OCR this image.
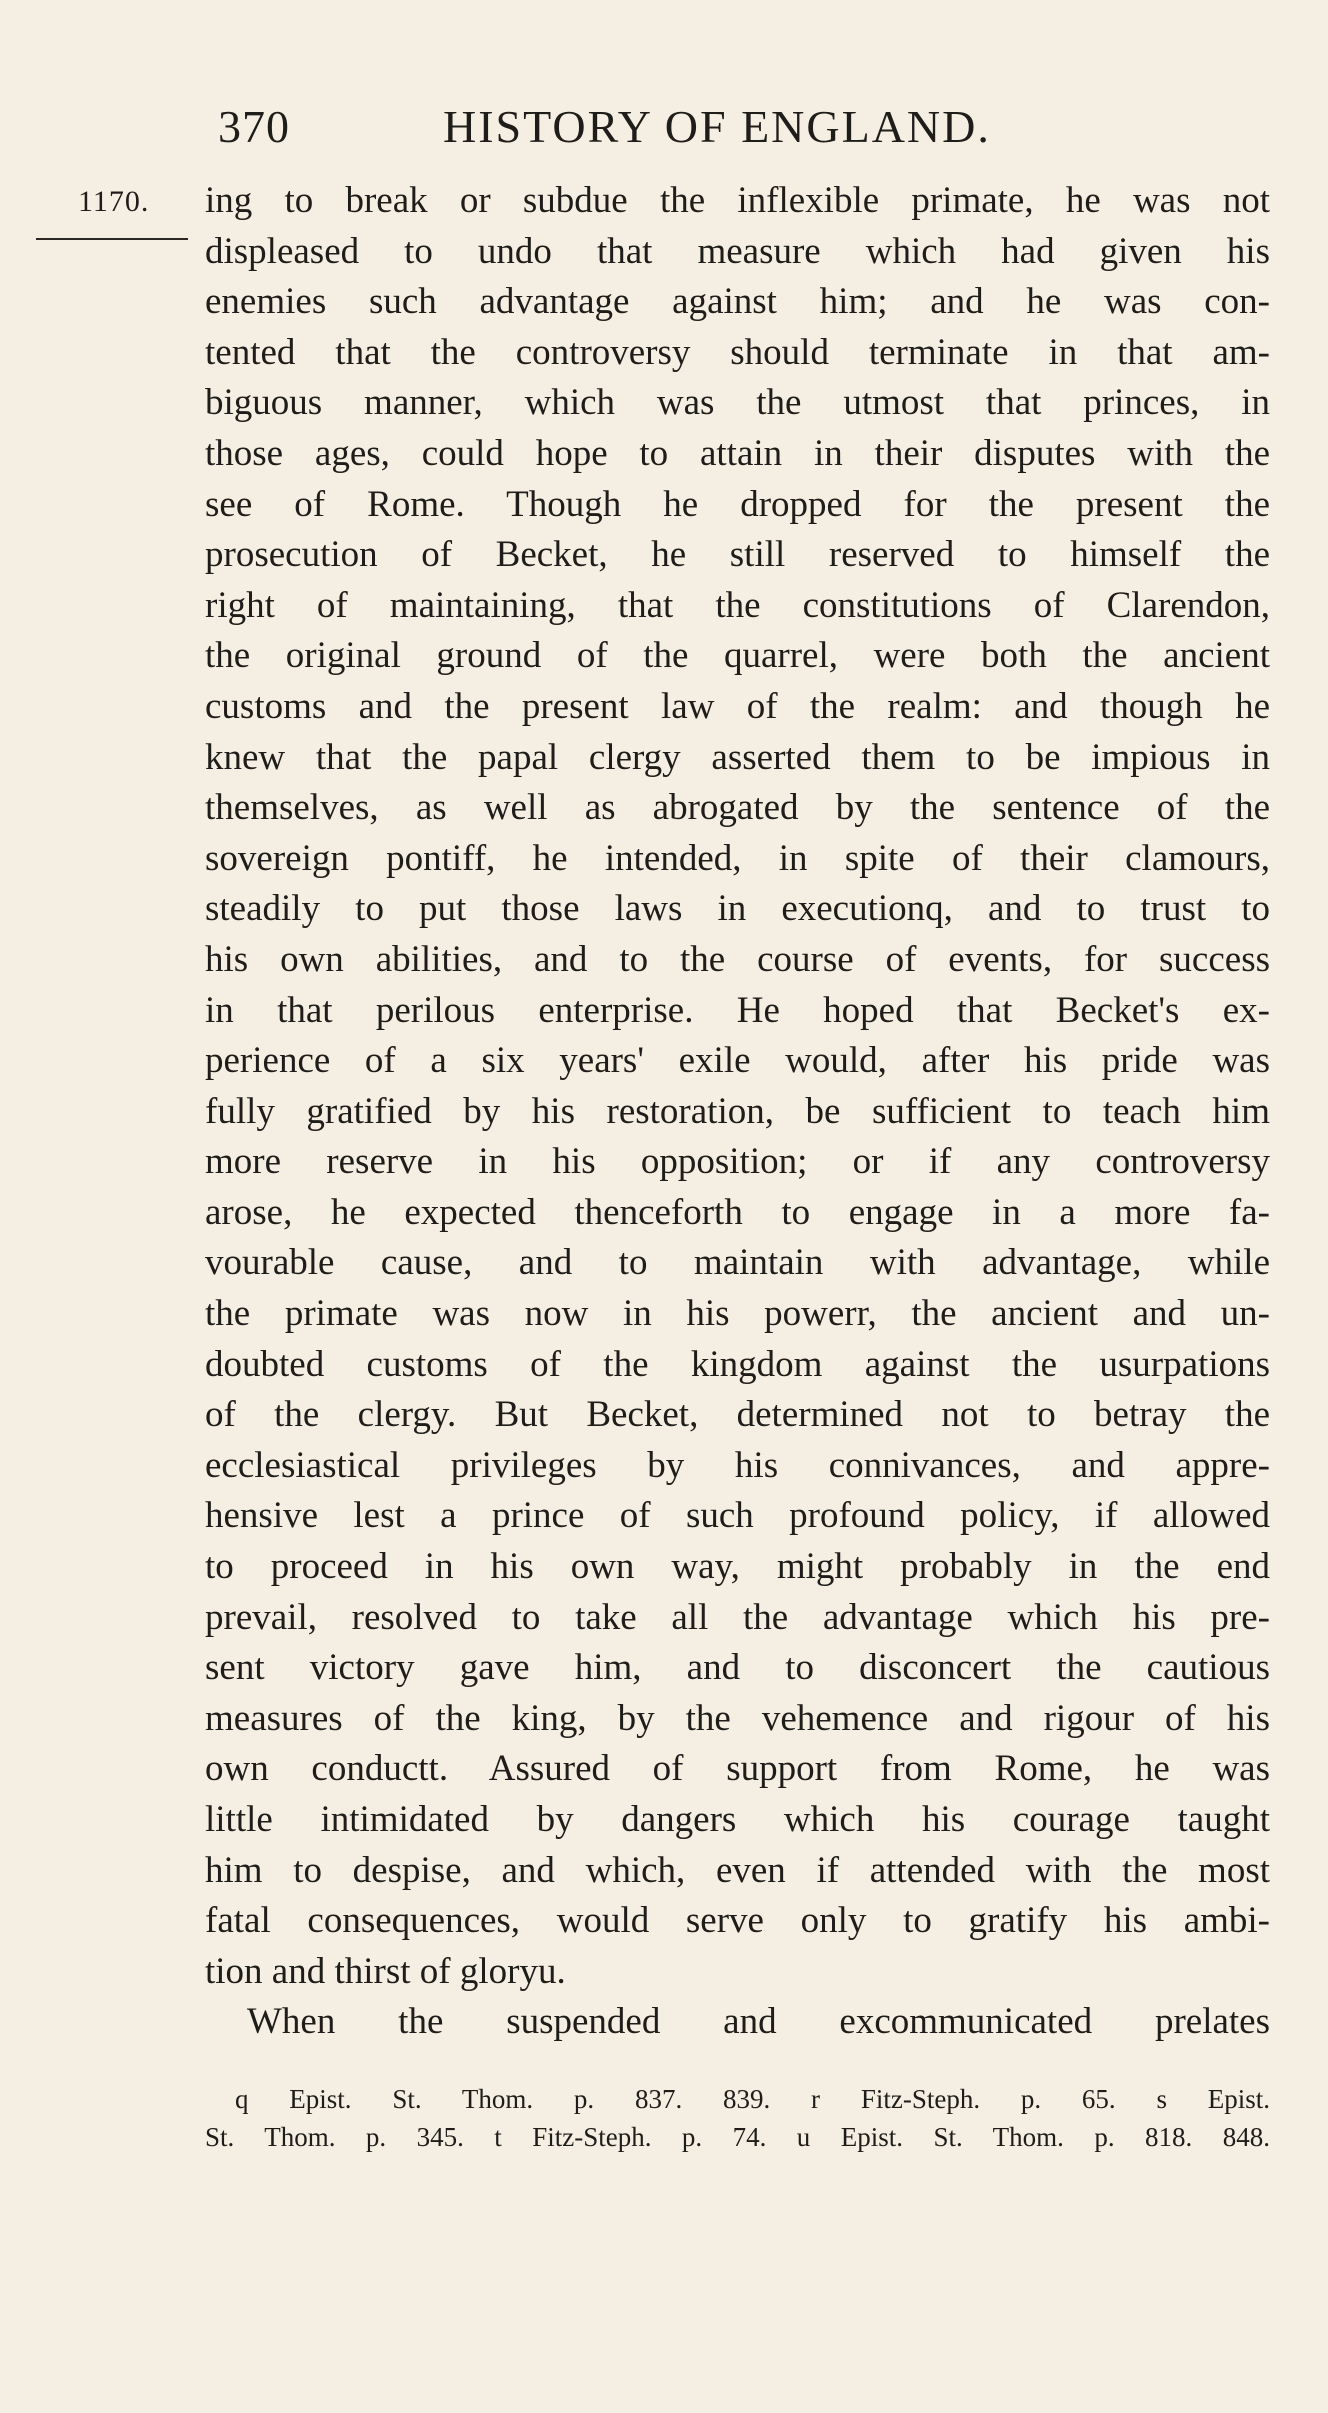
370	HISTORY OF ENGLAND.
1170. ing to break or subdue the inflexible primate, he was not
displeased to undo that measure which had given his
enemies such advantage against him; and he was con-
tented that the controversy should terminate in that am-
biguous manner, which was the utmost that princes, in
those ages, could hope to attain in their disputes with the
see of Rome. Though he dropped for the present the
prosecution of Becket, he still reserved to himself the
right of maintaining, that the constitutions of Clarendon,
the original ground of the quarrel, were both the ancient
customs and the present law of the realm: and though he
knew that the papal clergy asserted them to be impious in
themselves, as well as abrogated by the sentence of the
sovereign pontiff, he intended, in spite of their clamours,
steadily to put those laws in executionq, and to trust to
his own abilities, and to the course of events, for success
in that perilous enterprise. He hoped that Becket's ex-
perience of a six years' exile would, after his pride was
fully gratified by his restoration, be sufficient to teach him
more reserve in his opposition; or if any controversy
arose, he expected thenceforth to engage in a more fa-
vourable cause, and to maintain with advantage, while
the primate was now in his powerr, the ancient and un-
doubted customs of the kingdom against the usurpations
of the clergy. But Becket, determined not to betray the
ecclesiastical privileges by his connivances, and appre-
hensive lest a prince of such profound policy, if allowed
to proceed in his own way, might probably in the end
prevail, resolved to take all the advantage which his pre-
sent victory gave him, and to disconcert the cautious
measures of the king, by the vehemence and rigour of his
own conductt. Assured of support from Rome, he was
little intimidated by dangers which his courage taught
him to despise, and which, even if attended with the most
fatal consequences, would serve only to gratify his ambi-
tion and thirst of gloryu.
When the suspended and excommunicated prelates
q Epist. St. Thom. p. 837. 839. r Fitz-Steph. p. 65. s Epist.
St. Thom. p. 345. t Fitz-Steph. p. 74. u Epist. St. Thom. p. 818. 848.
